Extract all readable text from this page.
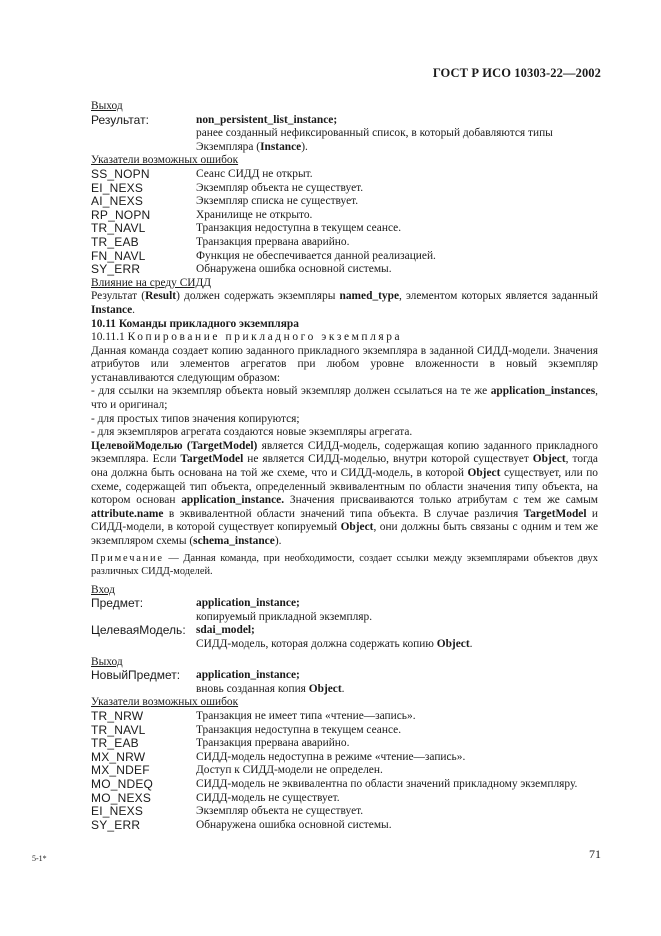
ГОСТ Р ИСО 10303-22—2002
Выход
Результат:	non_persistent_list_instance;
ранее созданный нефиксированный список, в который добавляются типы Экземпляра (Instance).
Указатели возможных ошибок
SS_NOPN	Сеанс СИДД не открыт.
EI_NEXS	Экземпляр объекта не существует.
AI_NEXS	Экземпляр списка не существует.
RP_NOPN	Хранилище не открыто.
TR_NAVL	Транзакция недоступна в текущем сеансе.
TR_EAB	Транзакция прервана аварийно.
FN_NAVL	Функция не обеспечивается данной реализацией.
SY_ERR	Обнаружена ошибка основной системы.
Влияние на среду СИДД

Результат (Result) должен содержать экземпляры named_type, элементом которых является заданный Instance.

10.11 Команды прикладного экземпляра
10.11.1 Копирование прикладного экземпляра

Данная команда создает копию заданного прикладного экземпляра в заданной СИДД-модели. Значения атрибутов или элементов агрегатов при любом уровне вложенности в новый экземпляр устанавливаются следующим образом:

- для ссылки на экземпляр объекта новый экземпляр должен ссылаться на те же application_instances, что и оригинал;

- для простых типов значения копируются;

- для экземпляров агрегата создаются новые экземпляры агрегата.

ЦелевойМоделью (TargetModel) является СИДД-модель, содержащая копию заданного прикладного экземпляра. Если TargetModel не является СИДД-моделью, внутри которой существует Object, тогда она должна быть основана на той же схеме, что и СИДД-модель, в которой Object существует, или по схеме, содержащей тип объекта, определенный эквивалентным по области значения типу объекта, на котором основан application_instance. Значения присваиваются только атрибутам с тем же самым attribute.name в эквивалентной области значений типа объекта. В случае различия TargetModel и СИДД-модели, в которой существует копируемый Object, они должны быть связаны с одним и тем же экземпляром схемы (schema_instance).

Примечание — Данная команда, при необходимости, создает ссылки между экземплярами объектов двух различных СИДД-моделей.

Вход
Предмет:	application_instance;
копируемый прикладной экземпляр.
ЦелеваяМодель: sdai_model;
СИДД-модель, которая должна содержать копию Object.
Выход
НовыйПредмет:	application_instance;
вновь созданная копия Object.
Указатели возможных ошибок
TR_NRW	Транзакция не имеет типа «чтение—запись».
TR_NAVL	Транзакция недоступна в текущем сеансе.
TR_EAB	Транзакция прервана аварийно.
MX_NRW	СИДД-модель недоступна в режиме «чтение—запись».
MX_NDEF	Доступ к СИДД-модели не определен.
MO_NDEQ	СИДД-модель не эквивалентна по области значений прикладному экземпляру.
MO_NEXS	СИДД-модель не существует.
EI_NEXS	Экземпляр объекта не существует.
SY_ERR	Обнаружена ошибка основной системы.
5-1*	71
